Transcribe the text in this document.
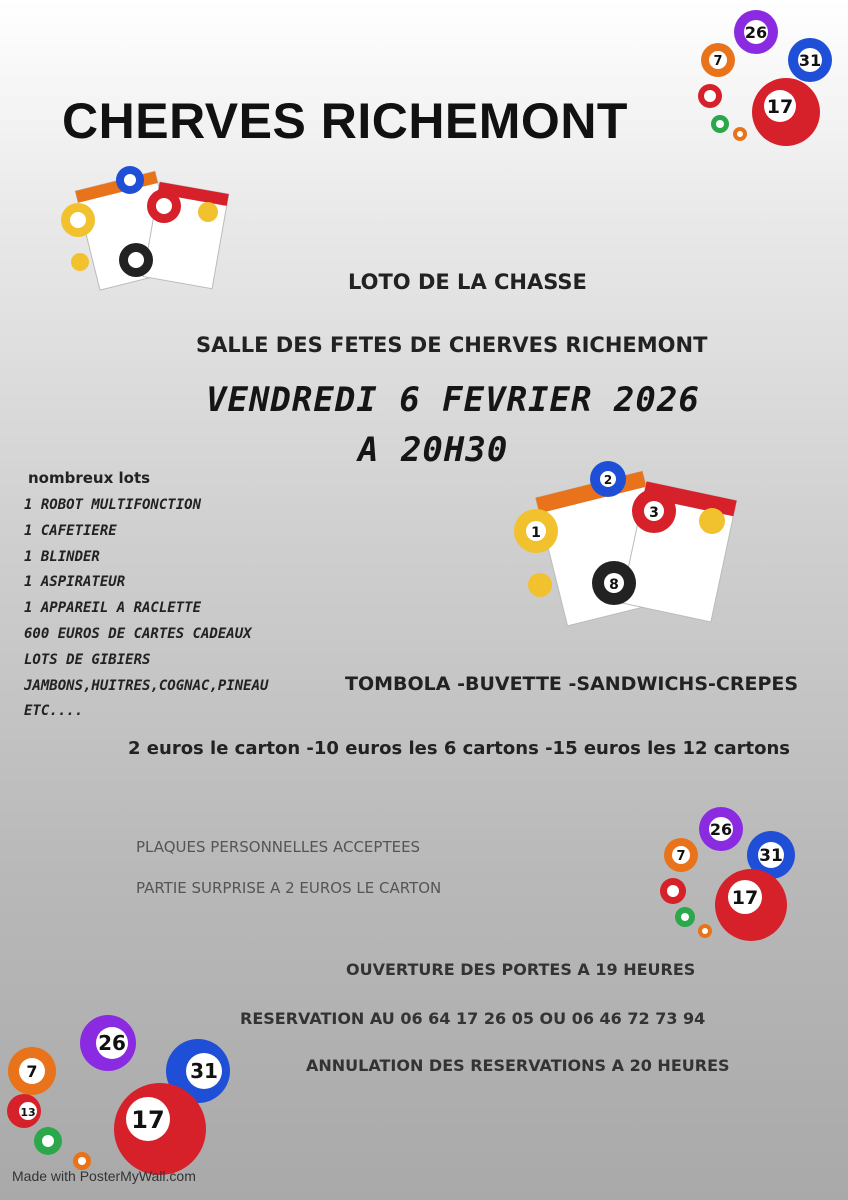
CHERVES RICHEMONT
26
31
7
17
LOTO DE LA CHASSE
SALLE DES FETES DE CHERVES RICHEMONT
VENDREDI 6 FEVRIER 2026
A 20H30
nombreux lots
1 ROBOT MULTIFONCTION
1 CAFETIERE
1 BLINDER
1 ASPIRATEUR
1 APPAREIL A RACLETTE
600 EUROS DE CARTES CADEAUX
LOTS DE GIBIERS
JAMBONS,HUITRES,COGNAC,PINEAU
ETC....
1
2
3
8
TOMBOLA -BUVETTE -SANDWICHS-CREPES
2 euros le carton -10 euros les 6 cartons -15 euros les 12 cartons
PLAQUES PERSONNELLES ACCEPTEES
PARTIE SURPRISE A 2 EUROS LE CARTON
26
31
7
17
OUVERTURE DES PORTES A 19 HEURES
RESERVATION AU 06 64 17 26 05 OU 06 46 72 73 94
ANNULATION DES RESERVATIONS A 20 HEURES
26
31
7
17
13
Made with PosterMyWall.com
